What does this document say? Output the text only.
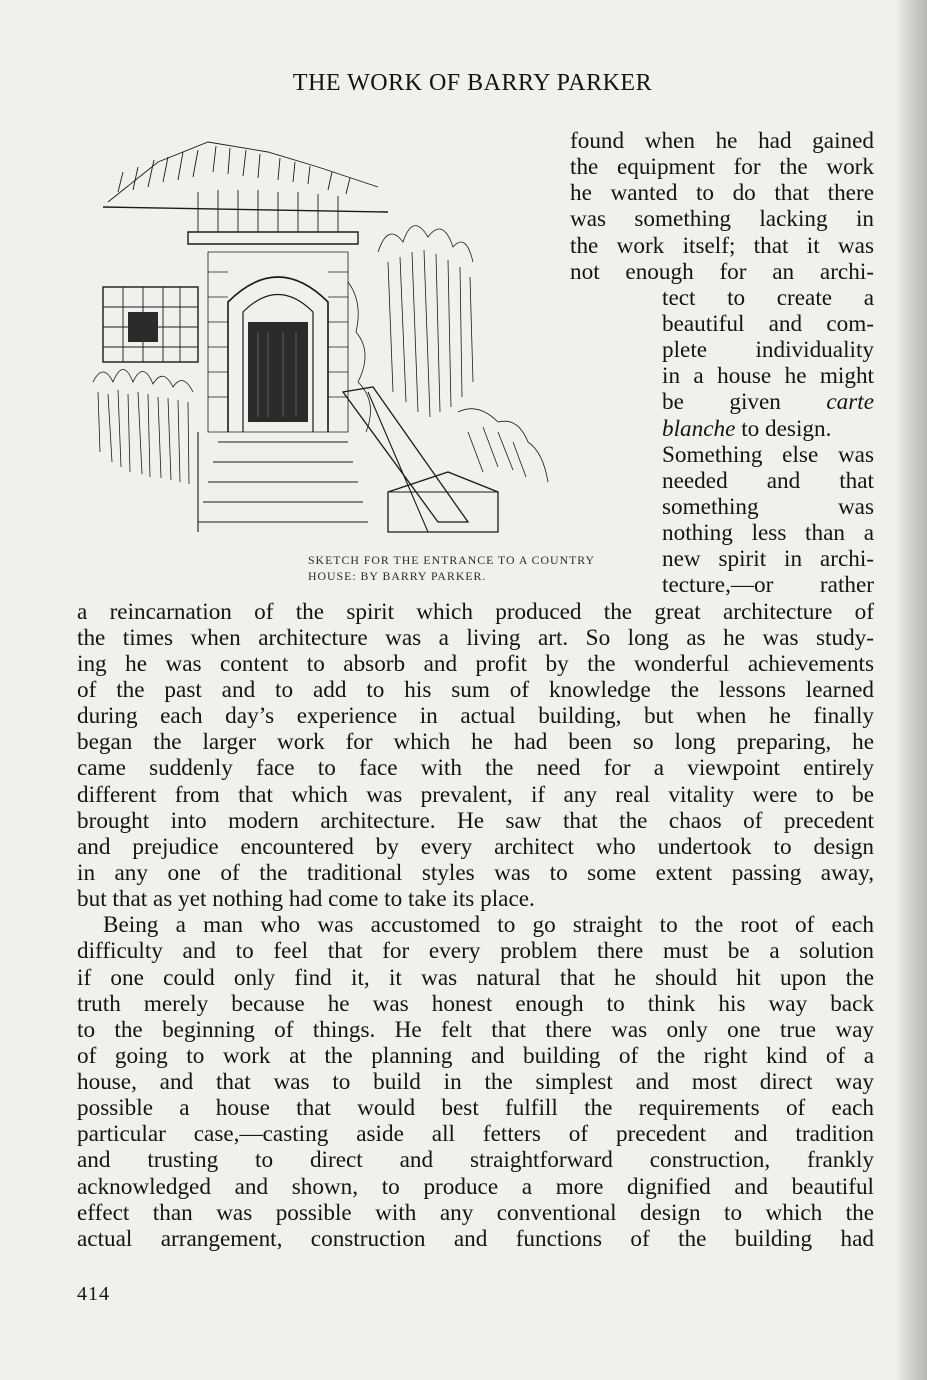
THE WORK OF BARRY PARKER
SKETCH FOR THE ENTRANCE TO A COUNTRY
HOUSE: BY BARRY PARKER.
found when he had gained
the equipment for the work
he wanted to do that there
was something lacking in
the work itself; that it was
not enough for an archi-
tect to create a
beautiful and com-
plete individuality
in a house he might
be given carte
blanche to design.
Something else was
needed and that
something was
nothing less than a
new spirit in archi-
tecture,—or rather
a reincarnation of the spirit which produced the great architecture of
the times when architecture was a living art. So long as he was study-
ing he was content to absorb and profit by the wonderful achievements
of the past and to add to his sum of knowledge the lessons learned
during each day’s experience in actual building, but when he finally
began the larger work for which he had been so long preparing, he
came suddenly face to face with the need for a viewpoint entirely
different from that which was prevalent, if any real vitality were to be
brought into modern architecture. He saw that the chaos of precedent
and prejudice encountered by every architect who undertook to design
in any one of the traditional styles was to some extent passing away,
but that as yet nothing had come to take its place.
Being a man who was accustomed to go straight to the root of each
difficulty and to feel that for every problem there must be a solution
if one could only find it, it was natural that he should hit upon the
truth merely because he was honest enough to think his way back
to the beginning of things. He felt that there was only one true way
of going to work at the planning and building of the right kind of a
house, and that was to build in the simplest and most direct way
possible a house that would best fulfill the requirements of each
particular case,—casting aside all fetters of precedent and tradition
and trusting to direct and straightforward construction, frankly
acknowledged and shown, to produce a more dignified and beautiful
effect than was possible with any conventional design to which the
actual arrangement, construction and functions of the building had
414
